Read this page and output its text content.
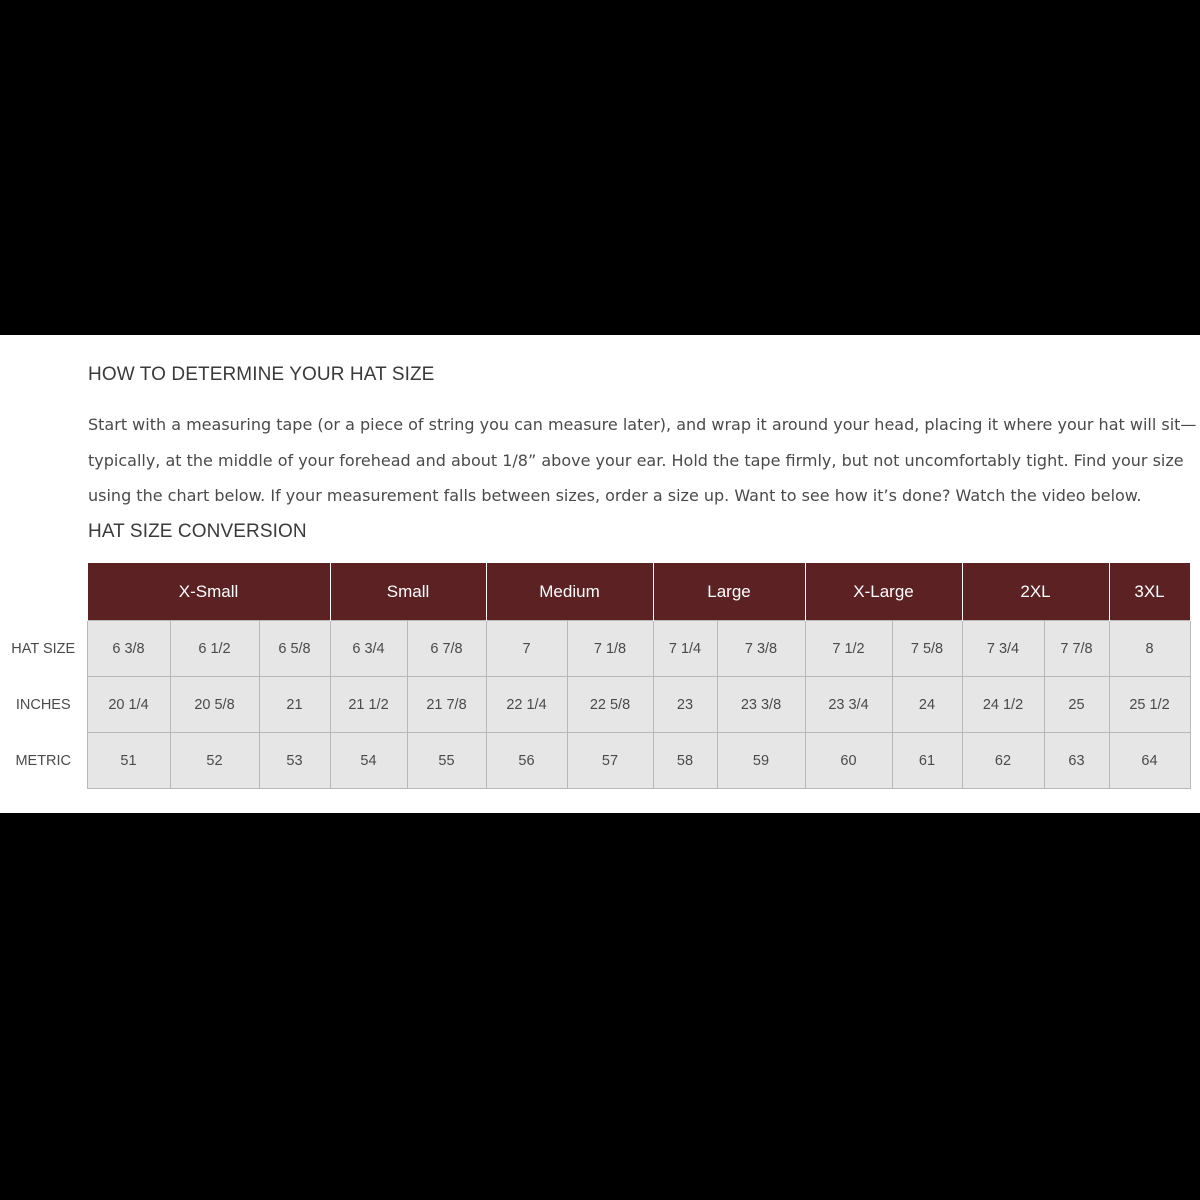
HOW TO DETERMINE YOUR HAT SIZE

Start with a measuring tape (or a piece of string you can measure later), and wrap it around your head, placing it where your hat will sit—
typically, at the middle of your forehead and about 1/8” above your ear. Hold the tape firmly, but not uncomfortably tight. Find your size
using the chart below. If your measurement falls between sizes, order a size up. Want to see how it’s done? Watch the video below.

HAT SIZE CONVERSION
	X-Small			Small		Medium		Large		X-Large		2XL		3XL
HAT SIZE	6 3/8	6 1/2	6 5/8	6 3/4	6 7/8	7	7 1/8	7 1/4	7 3/8	7 1/2	7 5/8	7 3/4	7 7/8	8
INCHES	20 1/4	20 5/8	21	21 1/2	21 7/8	22 1/4	22 5/8	23	23 3/8	23 3/4	24	24 1/2	25	25 1/2
METRIC	51	52	53	54	55	56	57	58	59	60	61	62	63	64
